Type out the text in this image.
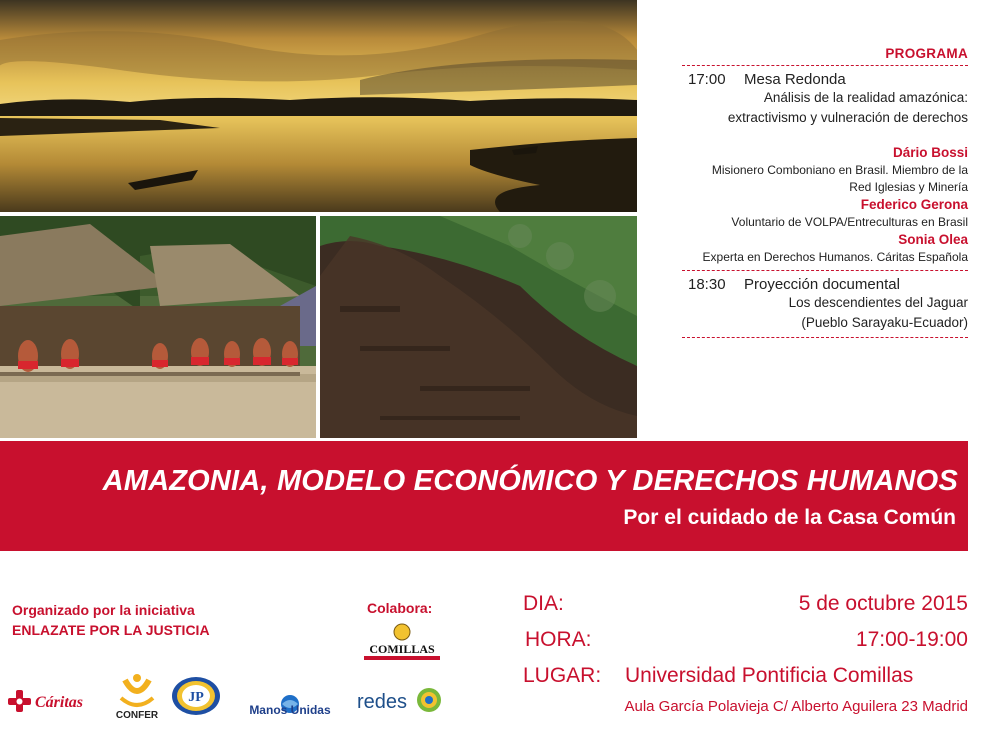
PROGRAMA
17:00 Mesa Redonda
Análisis de la realidad amazónica:
extractivismo y vulneración de derechos
Dário Bossi
Misionero Comboniano en Brasil. Miembro de la
Red Iglesias y Minería
Federico Gerona
Voluntario de VOLPA/Entreculturas en Brasil
Sonia Olea
Experta en Derechos Humanos. Cáritas Española
18:30 Proyección documental
Los descendientes del Jaguar
(Pueblo Sarayaku-Ecuador)
AMAZONIA, MODELO ECONÓMICO Y DERECHOS HUMANOS
Por el cuidado de la Casa Común
Organizado por la iniciativa
ENLAZATE POR LA JUSTICIA
Colabora:
COMILLAS
Cáritas
CONFER
JP
Manos Unidas redes
DIA:
HORA:
LUGAR:
5 de octubre 2015
17:00-19:00
Universidad Pontificia Comillas
Aula García Polavieja C/ Alberto Aguilera 23 Madrid
